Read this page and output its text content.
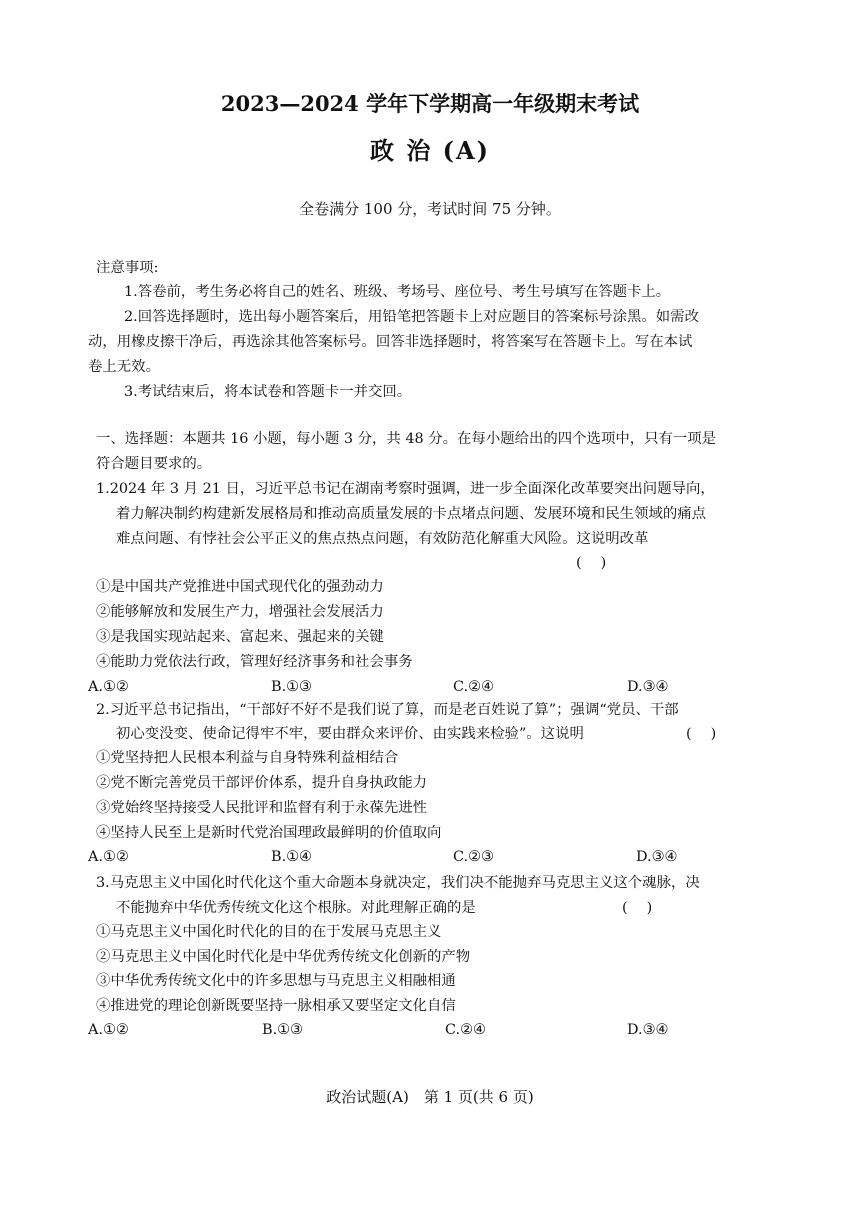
2023—2024 学年下学期高一年级期末考试
政 治 (A)
全卷满分 100 分，考试时间 75 分钟。
注意事项:
1.答卷前，考生务必将自己的姓名、班级、考场号、座位号、考生号填写在答题卡上。
2.回答选择题时，选出每小题答案后，用铅笔把答题卡上对应题目的答案标号涂黑。如需改
动，用橡皮擦干净后，再选涂其他答案标号。回答非选择题时，将答案写在答题卡上。写在本试
卷上无效。
3.考试结束后，将本试卷和答题卡一并交回。
一、选择题：本题共 16 小题，每小题 3 分，共 48 分。在每小题给出的四个选项中，只有一项是
符合题目要求的。
1.2024 年 3 月 21 日，习近平总书记在湖南考察时强调，进一步全面深化改革要突出问题导向，
着力解决制约构建新发展格局和推动高质量发展的卡点堵点问题、发展环境和民生领域的痛点
难点问题、有悖社会公平正义的焦点热点问题，有效防范化解重大风险。这说明改革
(　 )
①是中国共产党推进中国式现代化的强劲动力
②能够解放和发展生产力，增强社会发展活力
③是我国实现站起来、富起来、强起来的关键
④能助力党依法行政，管理好经济事务和社会事务
A.①②	B.①③	C.②④	D.③④
2.习近平总书记指出，“干部好不好不是我们说了算，而是老百姓说了算”；强调“党员、干部
初心变没变、使命记得牢不牢，要由群众来评价、由实践来检验”。这说明	(　 )
①党坚持把人民根本利益与自身特殊利益相结合
②党不断完善党员干部评价体系，提升自身执政能力
③党始终坚持接受人民批评和监督有利于永葆先进性
④坚持人民至上是新时代党治国理政最鲜明的价值取向
A.①②	B.①④	C.②③	D.③④
3.马克思主义中国化时代化这个重大命题本身就决定，我们决不能抛弃马克思主义这个魂脉，决
不能抛弃中华优秀传统文化这个根脉。对此理解正确的是	(　 )
①马克思主义中国化时代化的目的在于发展马克思主义
②马克思主义中国化时代化是中华优秀传统文化创新的产物
③中华优秀传统文化中的许多思想与马克思主义相融相通
④推进党的理论创新既要坚持一脉相承又要坚定文化自信
A.①②	B.①③	C.②④	D.③④
政治试题(A)　第 1 页(共 6 页)
